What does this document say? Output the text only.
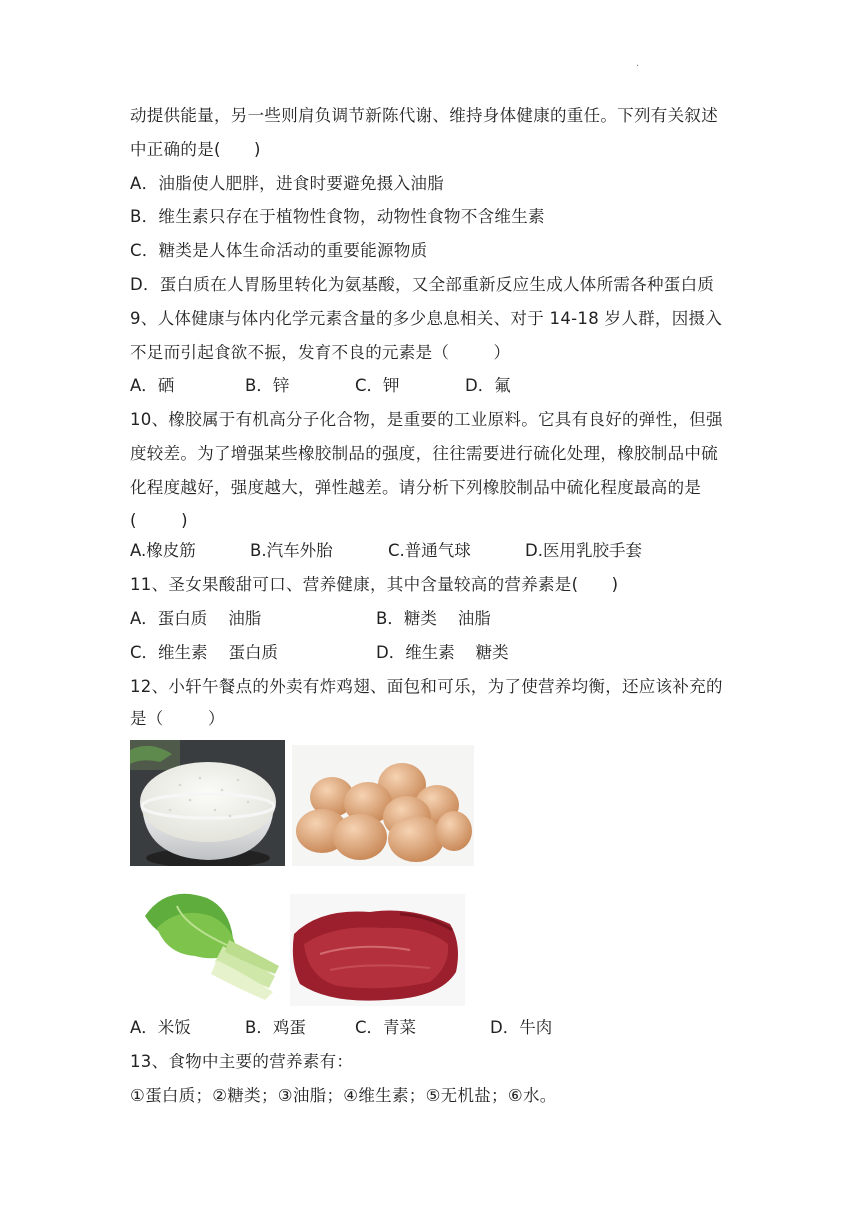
.
动提供能量，另一些则肩负调节新陈代谢、维持身体健康的重任。下列有关叙述
中正确的是(      )
A．油脂使人肥胖，进食时要避免摄入油脂
B．维生素只存在于植物性食物，动物性食物不含维生素
C．糖类是人体生命活动的重要能源物质
D．蛋白质在人胃肠里转化为氨基酸，又全部重新反应生成人体所需各种蛋白质
9、人体健康与体内化学元素含量的多少息息相关、对于 14-18 岁人群，因摄入
不足而引起食欲不振，发育不良的元素是（        ）
A．硒	B．锌	C．钾	D．氟
10、橡胶属于有机高分子化合物，是重要的工业原料。它具有良好的弹性，但强
度较差。为了增强某些橡胶制品的强度，往往需要进行硫化处理，橡胶制品中硫
化程度越好，强度越大，弹性越差。请分析下列橡胶制品中硫化程度最高的是
(        )
A.橡皮筋	B.汽车外胎	C.普通气球	D.医用乳胶手套
11、圣女果酸甜可口、营养健康，其中含量较高的营养素是(      )
A．蛋白质    油脂	B．糖类    油脂
C．维生素    蛋白质	D．维生素    糖类
12、小轩午餐点的外卖有炸鸡翅、面包和可乐，为了使营养均衡，还应该补充的
是（        ）
A．米饭	B．鸡蛋	C．青菜	D．牛肉
13、食物中主要的营养素有：
①蛋白质；②糖类；③油脂；④维生素；⑤无机盐；⑥水。
